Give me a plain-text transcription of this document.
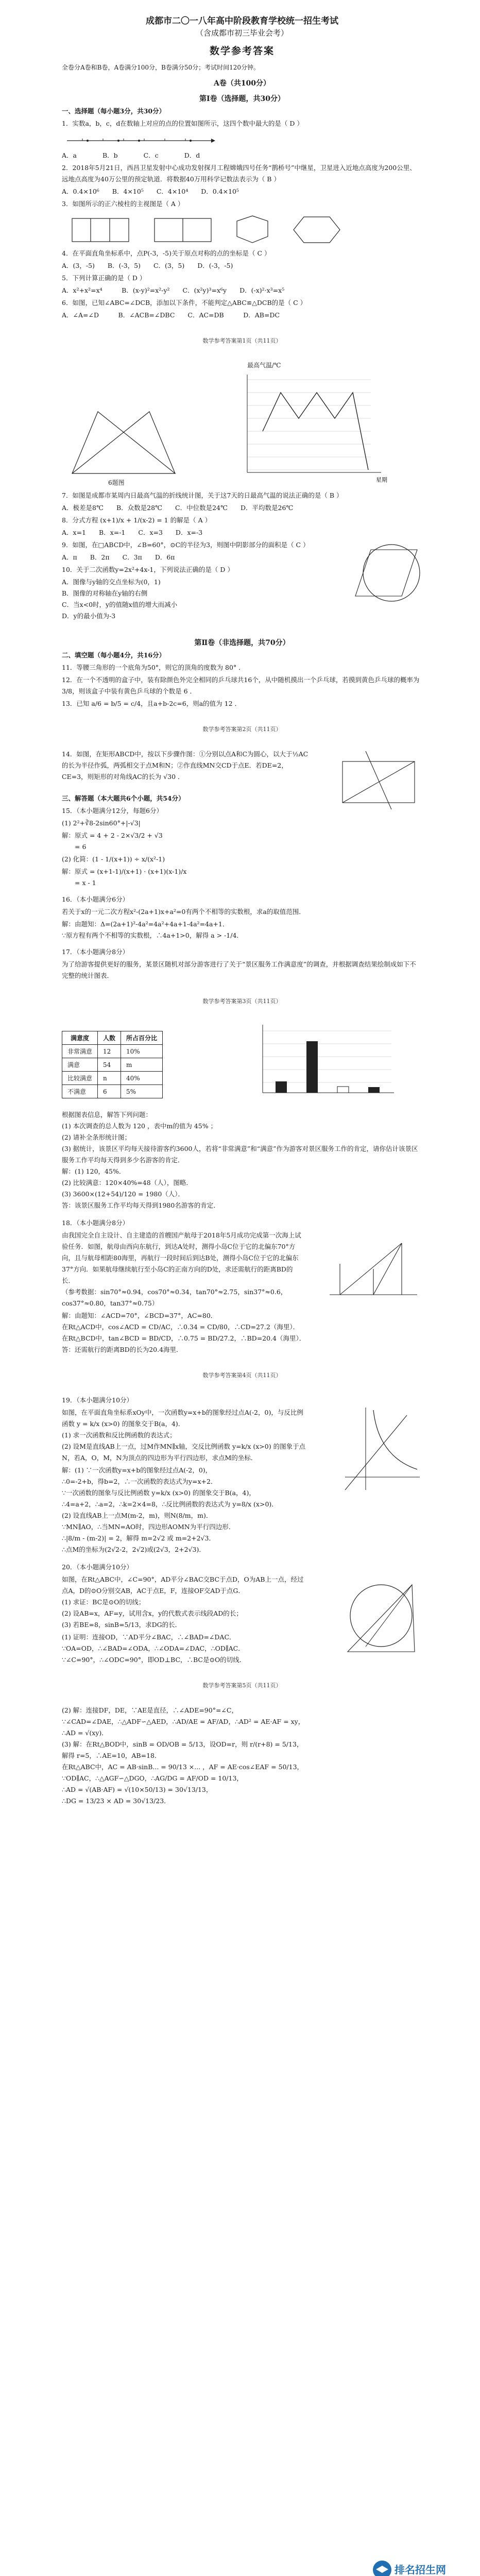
成都市二〇一八年高中阶段教育学校统一招生考试
（含成都市初三毕业会考）
数学参考答案
全卷分A卷和B卷，A卷满分100分，B卷满分50分；考试时间120分钟。
A卷（共100分）
第Ⅰ卷（选择题，共30分）
一、选择题（每小题3分，共30分）
1．实数a，b，c，d在数轴上对应的点的位置如图所示，这四个数中最大的是（ D ）
A．a　　　　B．b　　　　C．c　　　　D．d
2．2018年5月21日，西昌卫星发射中心成功发射探月工程嫦娥四号任务“鹊桥号”中继星，卫星进入近地点高度为200公里、远地点高度为40万公里的预定轨道．将数据40万用科学记数法表示为（ B ）
A．0.4×10⁶　　B．4×10⁵　　C．4×10⁴　　D．0.4×10⁵
3．如图所示的正六棱柱的主视图是（ A ）
4．在平面直角坐标系中，点P(-3，-5)关于原点对称的点的坐标是（ C ）
A．(3，-5)　　B．(-3，5)　　C．(3，5)　　D．(-3，-5)
5．下列计算正确的是（ D ）
A．x²+x²=x⁴　　　B．(x-y)²=x²-y²　　C．(x²y)³=x⁶y　　D．(-x)²·x³=x⁵
6．如图，已知∠ABC=∠DCB，添加以下条件，不能判定△ABC≌△DCB的是（ C ）
A．∠A=∠D　　　B．∠ACB=∠DBC　　C．AC=DB　　　D．AB=DC
数学参考答案第1页（共11页）
6题图
最高气温/℃
星期
7．如图是成都市某周内日最高气温的折线统计图，关于这7天的日最高气温的说法正确的是（ B ）
A．极差是8℃　　B．众数是28℃　　C．中位数是24℃　　D．平均数是26℃
8．分式方程 (x+1)/x + 1/(x-2) = 1 的解是（ A ）
A．x=1　　B．x=-1　　C．x=3　　D．x=-3
9．如图，在□ABCD中，∠B=60°，⊙C的半径为3，则图中阴影部分的面积是（ C ）
A．π　　B．2π　　C．3π　　D．6π
10．关于二次函数y=2x²+4x-1，下列说法正确的是（ D ）
A．图像与y轴的交点坐标为(0，1)
B．图像的对称轴在y轴的右侧
C．当x<0时，y的值随x值的增大而减小
D．y的最小值为-3
第Ⅱ卷（非选择题，共70分）
二、填空题（每小题4分，共16分）
11．等腰三角形的一个底角为50°，则它的顶角的度数为 80° ．
12．在一个不透明的盒子中，装有除颜色外完全相同的乒乓球共16个，从中随机摸出一个乒乓球，若摸到黄色乒乓球的概率为3/8，则该盒子中装有黄色乒乓球的个数是 6 ．
13．已知 a/6 = b/5 = c/4，且a+b-2c=6，则a的值为 12 ．
数学参考答案第2页（共11页）
14．如图，在矩形ABCD中，按以下步骤作图：①分别以点A和C为圆心，以大于½AC的长为半径作弧，两弧相交于点M和N；②作直线MN交CD于点E．若DE=2，CE=3，则矩形的对角线AC的长为 √30 ．
三、解答题（本大题共6个小题，共54分）
15．（本小题满分12分，每题6分）
(1) 2²+∛8-2sin60°+|-√3|
解：原式 = 4 + 2 - 2×√3/2 + √3
　　= 6
(2) 化简：(1 - 1/(x+1)) ÷ x/(x²-1)
解：原式 = (x+1-1)/(x+1) · (x+1)(x-1)/x
　　= x - 1
16．（本小题满分6分）
若关于x的一元二次方程x²-(2a+1)x+a²=0有两个不相等的实数根，求a的取值范围．
解：由题知：Δ=(2a+1)²-4a²=4a²+4a+1-4a²=4a+1．
∵原方程有两个不相等的实数根，∴4a+1>0，解得 a > -1/4．
17．（本小题满分8分）
为了给游客提供更好的服务，某景区随机对部分游客进行了关于“景区服务工作满意度”的调查，并根据调查结果绘制成如下不完整的统计图表．
数学参考答案第3页（共11页）
满意度	人数	所占百分比
非常满意	12	10%
满意	54	m
比较满意	n	40%
不满意	6	5%
根据图表信息，解答下列问题：
(1) 本次调查的总人数为 120 ，表中m的值为 45% ；
(2) 请补全条形统计图；
(3) 据统计，该景区平均每天接待游客约3600人，若将“非常满意”和“满意”作为游客对景区服务工作的肯定，请你估计该景区服务工作平均每天得到多少名游客的肯定．
解：(1) 120，45%．
(2) 比较满意：120×40%=48（人），图略．
(3) 3600×(12+54)/120 = 1980（人）．
答：该景区服务工作平均每天得到1980名游客的肯定．
18．（本小题满分8分）
由我国完全自主设计、自主建造的首艘国产航母于2018年5月成功完成第一次海上试验任务．如图，航母由西向东航行，到达A处时，测得小岛C位于它的北偏东70°方向，且与航母相距80海里，再航行一段时间后到达B处，测得小岛C位于它的北偏东37°方向．如果航母继续航行至小岛C的正南方向的D处，求还需航行的距离BD的长．
（参考数据：sin70°≈0.94，cos70°≈0.34，tan70°≈2.75，sin37°≈0.6，cos37°≈0.80，tan37°≈0.75）
解：由题知：∠ACD=70°，∠BCD=37°，AC=80．
在Rt△ACD中，cos∠ACD = CD/AC，∴0.34 = CD/80，∴CD=27.2（海里）．
在Rt△BCD中，tan∠BCD = BD/CD，∴0.75 = BD/27.2，∴BD=20.4（海里）．
答：还需航行的距离BD的长为20.4海里．
数学参考答案第4页（共11页）
19．（本小题满分10分）
如图，在平面直角坐标系xOy中，一次函数y=x+b的图象经过点A(-2，0)，与反比例函数 y = k/x (x>0) 的图象交于B(a，4)．
(1) 求一次函数和反比例函数的表达式；
(2) 设M是直线AB上一点，过M作MN∥x轴，交反比例函数 y=k/x (x>0) 的图象于点N，若A，O，M，N为顶点的四边形为平行四边形，求点M的坐标．
解：(1) ∵一次函数y=x+b的图象经过点A(-2，0)，
∴0=-2+b，得b=2，∴一次函数的表达式为y=x+2．
∵一次函数的图象与反比例函数 y=k/x (x>0) 的图象交于B(a，4)，
∴4=a+2，∴a=2，∴k=2×4=8，∴反比例函数的表达式为 y=8/x (x>0)．
(2) 设直线AB上一点M(m-2，m)，则N(8/m，m)．
∵MN∥AO，∴当MN=AO时，四边形AOMN为平行四边形．
∴|8/m - (m-2)| = 2，解得 m=2√2 或 m=2+2√3．
∴点M的坐标为(2√2-2，2√2)或(2√3，2+2√3)．
20．（本小题满分10分）
如图，在Rt△ABC中，∠C=90°，AD平分∠BAC交BC于点D，O为AB上一点，经过点A，D的⊙O分别交AB，AC于点E，F，连接OF交AD于点G．
(1) 求证：BC是⊙O的切线；
(2) 设AB=x，AF=y，试用含x，y的代数式表示线段AD的长；
(3) 若BE=8，sinB=5/13，求DG的长．
(1) 证明：连接OD，∵AD平分∠BAC，∴∠BAD=∠DAC．
∵OA=OD，∴∠BAD=∠ODA，∴∠ODA=∠DAC，∴OD∥AC．
∵∠C=90°，∴∠ODC=90°，即OD⊥BC，∴BC是⊙O的切线．
数学参考答案第5页（共11页）
(2) 解：连接DF，DE，∵AE是直径，∴∠ADE=90°=∠C，
∵∠CAD=∠DAE，∴△ADF∽△AED，∴AD/AE = AF/AD，∴AD² = AE·AF = xy，
∴AD = √(xy)．
(3) 解：在Rt△BOD中，sinB = OD/OB = 5/13，设OD=r，则 r/(r+8) = 5/13，
解得 r=5，∴AE=10，AB=18．
在Rt△ABC中，AC = AB·sinB... = 90/13 ×... ，AF = AE·cos∠EAF = 50/13，
∵OD∥AC，∴△AGF∽△DGO，∴AG/DG = AF/OD = 10/13，
∴AD = √(AB·AF) = √(10×50/13) = 30√13/13，
∴DG = 13/23 × AD = 30√13/23．
排名招生网
